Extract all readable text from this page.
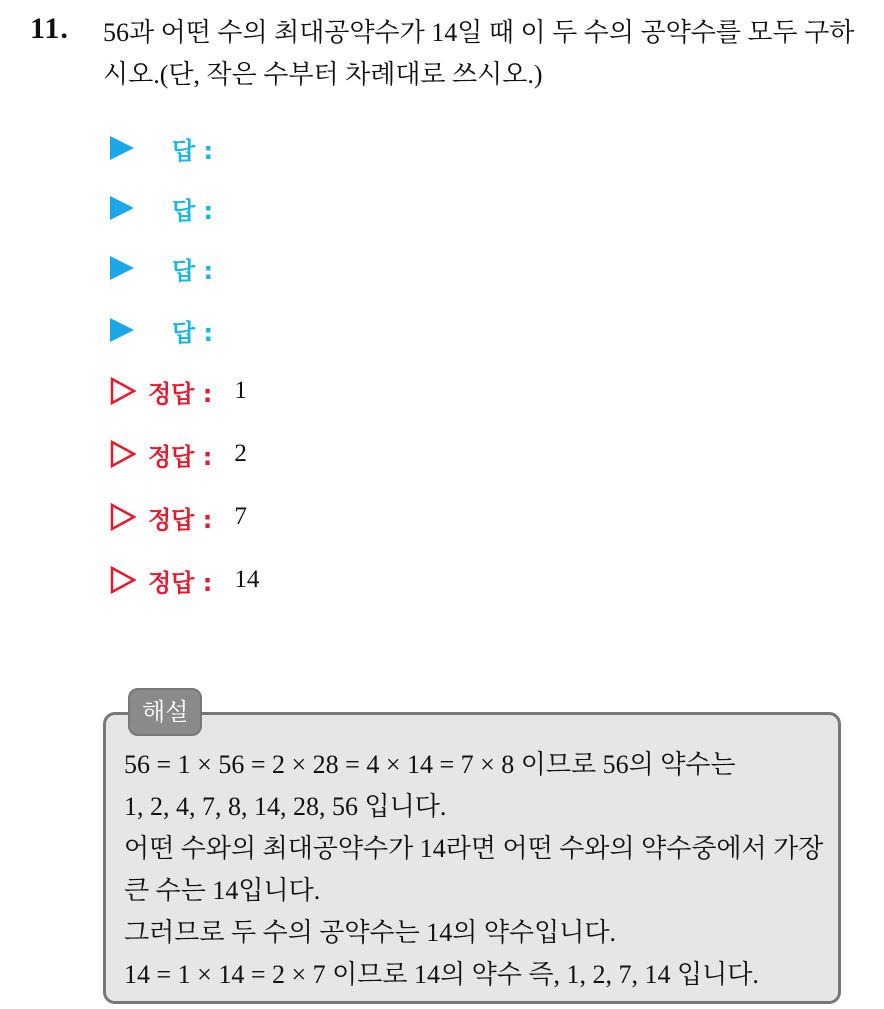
11. 56과 어떤 수의 최대공약수가 14일 때 이 두 수의 공약수를 모두 구하시오.(단, 작은 수부터 차례대로 쓰시오.)
답 :
답 :
답 :
답 :
정답 : 1
정답 : 2
정답 : 7
정답 : 14
해설
56 = 1 × 56 = 2 × 28 = 4 × 14 = 7 × 8 이므로 56의 약수는
1, 2, 4, 7, 8, 14, 28, 56 입니다.
어떤 수와의 최대공약수가 14라면 어떤 수와의 약수중에서 가장
큰 수는 14입니다.
그러므로 두 수의 공약수는 14의 약수입니다.
14 = 1 × 14 = 2 × 7 이므로 14의 약수 즉, 1, 2, 7, 14 입니다.
